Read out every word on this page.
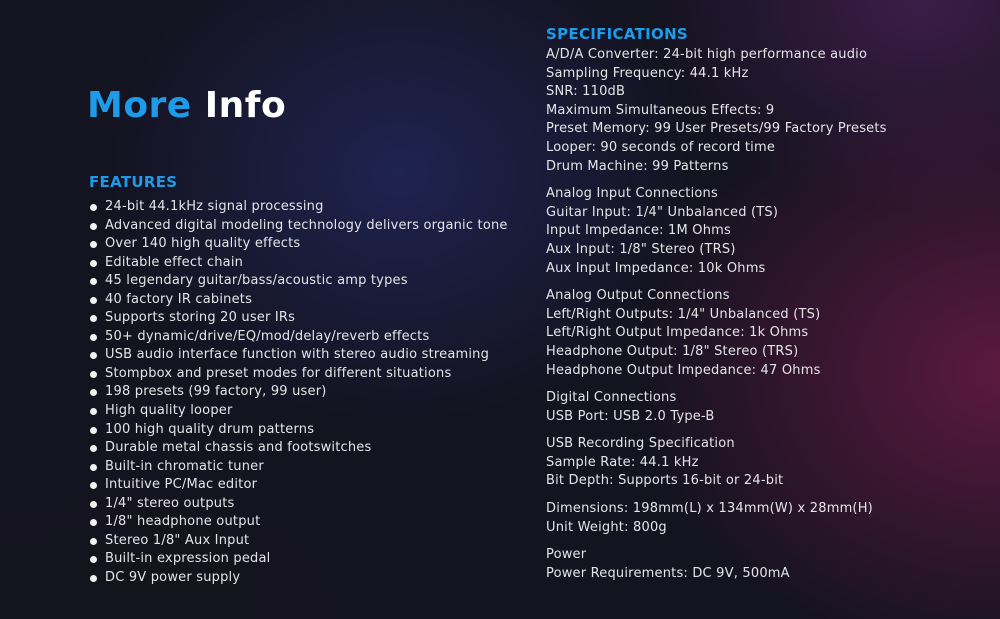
More Info
FEATURES
24-bit 44.1kHz signal processing
Advanced digital modeling technology delivers organic tone
Over 140 high quality effects
Editable effect chain
45 legendary guitar/bass/acoustic amp types
40 factory IR cabinets
Supports storing 20 user IRs
50+ dynamic/drive/EQ/mod/delay/reverb effects
USB audio interface function with stereo audio streaming
Stompbox and preset modes for different situations
198 presets (99 factory, 99 user)
High quality looper
100 high quality drum patterns
Durable metal chassis and footswitches
Built-in chromatic tuner
Intuitive PC/Mac editor
1/4" stereo outputs
1/8" headphone output
Stereo 1/8" Aux Input
Built-in expression pedal
DC 9V power supply
SPECIFICATIONS
A/D/A Converter: 24-bit high performance audio
Sampling Frequency: 44.1 kHz
SNR: 110dB
Maximum Simultaneous Effects: 9
Preset Memory: 99 User Presets/99 Factory Presets
Looper: 90 seconds of record time
Drum Machine: 99 Patterns
Analog Input Connections
Guitar Input: 1/4" Unbalanced (TS)
Input Impedance: 1M Ohms
Aux Input: 1/8" Stereo (TRS)
Aux Input Impedance: 10k Ohms
Analog Output Connections
Left/Right Outputs: 1/4" Unbalanced (TS)
Left/Right Output Impedance: 1k Ohms
Headphone Output: 1/8" Stereo (TRS)
Headphone Output Impedance: 47 Ohms
Digital Connections
USB Port: USB 2.0 Type-B
USB Recording Specification
Sample Rate: 44.1 kHz
Bit Depth: Supports 16-bit or 24-bit
Dimensions: 198mm(L) x 134mm(W) x 28mm(H)
Unit Weight: 800g
Power
Power Requirements: DC 9V, 500mA
